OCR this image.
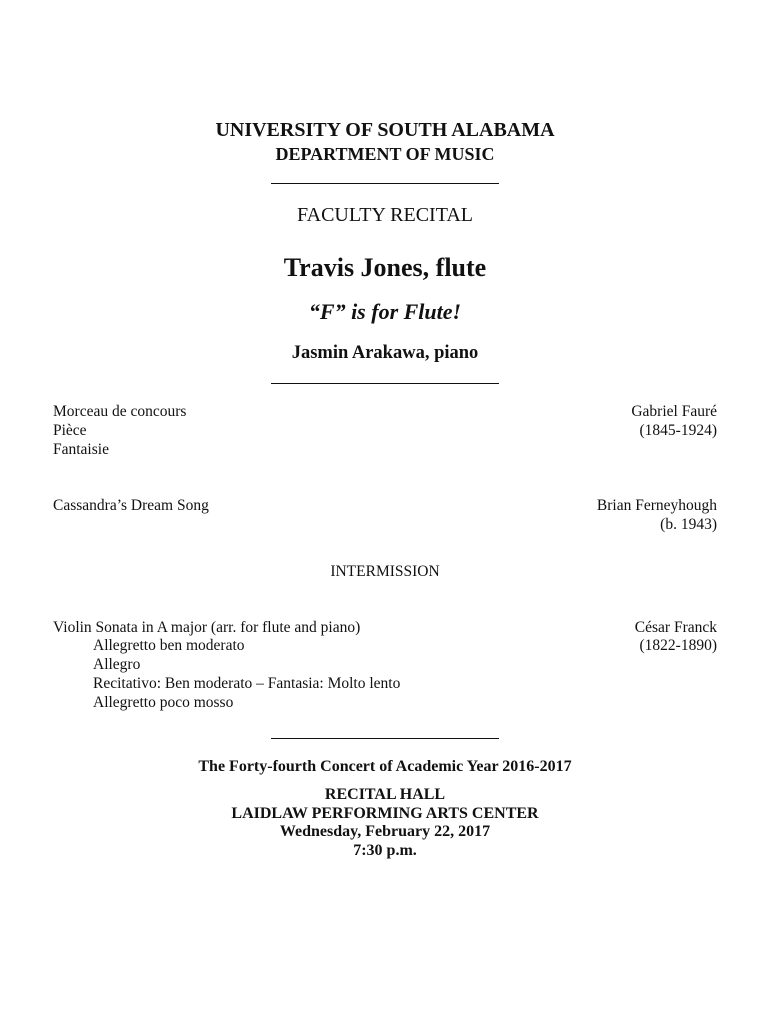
UNIVERSITY OF SOUTH ALABAMA
DEPARTMENT OF MUSIC
FACULTY RECITAL
Travis Jones, flute
“F” is for Flute!
Jasmin Arakawa, piano
Morceau de concours
Pièce
Fantaisie
Gabriel Fauré
(1845-1924)
Cassandra’s Dream Song	Brian Ferneyhough
(b. 1943)
INTERMISSION
Violin Sonata in A major (arr. for flute and piano)
Allegretto ben moderato
Allegro
Recitativo: Ben moderato – Fantasia: Molto lento
Allegretto poco mosso
César Franck
(1822-1890)
The Forty-fourth Concert of Academic Year 2016-2017
RECITAL HALL
LAIDLAW PERFORMING ARTS CENTER
Wednesday, February 22, 2017
7:30 p.m.
